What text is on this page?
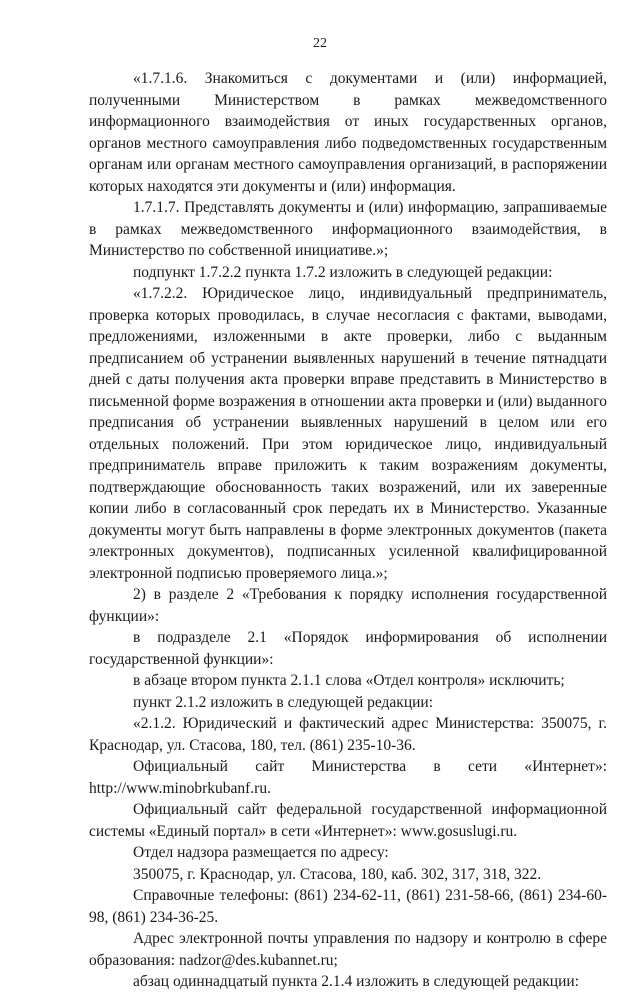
22

«1.7.1.6. Знакомиться с документами и (или) информацией, полученными Министерством в рамках межведомственного информационного взаимодействия от иных государственных органов, органов местного самоуправления либо подведомственных государственным органам или органам местного самоуправления организаций, в распоряжении которых находятся эти документы и (или) информация.

1.7.1.7. Представлять документы и (или) информацию, запрашиваемые в рамках межведомственного информационного взаимодействия, в Министерство по собственной инициативе.»;

подпункт 1.7.2.2 пункта 1.7.2 изложить в следующей редакции:

«1.7.2.2. Юридическое лицо, индивидуальный предприниматель, проверка которых проводилась, в случае несогласия с фактами, выводами, предложениями, изложенными в акте проверки, либо с выданным предписанием об устранении выявленных нарушений в течение пятнадцати дней с даты получения акта проверки вправе представить в Министерство в письменной форме возражения в отношении акта проверки и (или) выданного предписания об устранении выявленных нарушений в целом или его отдельных положений. При этом юридическое лицо, индивидуальный предприниматель вправе приложить к таким возражениям документы, подтверждающие обоснованность таких возражений, или их заверенные копии либо в согласованный срок передать их в Министерство. Указанные документы могут быть направлены в форме электронных документов (пакета электронных документов), подписанных усиленной квалифицированной электронной подписью проверяемого лица.»;

2) в разделе 2 «Требования к порядку исполнения государственной функции»:

в подразделе 2.1 «Порядок информирования об исполнении государственной функции»:

в абзаце втором пункта 2.1.1 слова «Отдел контроля» исключить;

пункт 2.1.2 изложить в следующей редакции:

«2.1.2. Юридический и фактический адрес Министерства: 350075, г. Краснодар, ул. Стасова, 180, тел. (861) 235-10-36.

Официальный сайт Министерства в сети «Интернет»: http://www.minobrkubanf.ru.

Официальный сайт федеральной государственной информационной системы «Единый портал» в сети «Интернет»: www.gosuslugi.ru.

Отдел надзора размещается по адресу:

350075, г. Краснодар, ул. Стасова, 180, каб. 302, 317, 318, 322.

Справочные телефоны: (861) 234-62-11, (861) 231-58-66, (861) 234-60-98, (861) 234-36-25.

Адрес электронной почты управления по надзору и контролю в сфере образования: nadzor@des.kubannet.ru;

абзац одиннадцатый пункта 2.1.4 изложить в следующей редакции:
